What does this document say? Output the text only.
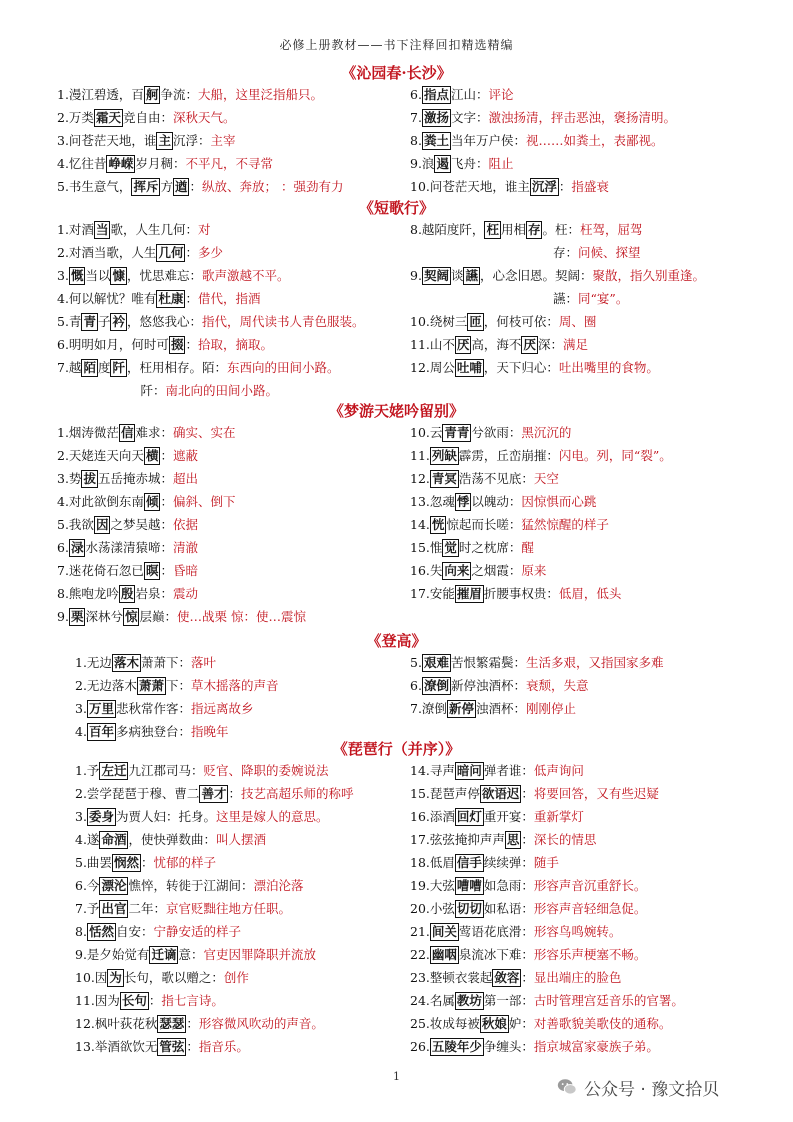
必修上册教材——书下注释回扣精选精编
《沁园春·长沙》
1.漫江碧透，百 舸 争流：大船，这里泛指船只。
2.万类 霜天 竞自由：深秋天气。
3.问苍茫天地，谁 主 沉浮：主宰
4.忆往昔 峥嵘 岁月稠：不平凡，不寻常
5.书生意气， 挥斥 方 遒 ：纵放、奔放； ：强劲有力
6. 指点 江山：评论
7. 激扬 文字：激浊扬清，抨击恶浊，褒扬清明。
8. 粪土 当年万户侯：视……如粪土，表鄙视。
9.浪 遏 飞舟：阻止
10.问苍茫天地，谁主 沉浮 ：指盛衰
《短歌行》
1.对酒 当 歌，人生几何：对
2.对酒当歌，人生 几何 ：多少
3. 慨 当以 慷 ，忧思难忘：歌声激越不平。
4.何以解忧？唯有 杜康 ：借代，指酒
5.青 青 子 衿 ，悠悠我心：指代，周代读书人青色服装。
6.明明如月，何时可 掇 ：拾取，摘取。
7.越 陌 度 阡 ，枉用相存。陌：东西向的田间小路。
阡：南北向的田间小路。
8.越陌度阡， 枉 用相 存 。枉：枉驾，屈驾
存：问候、探望
9. 契阔 谈 讌 ，心念旧恩。契阔：聚散，指久别重逢。
讌：同“宴”。
10.绕树三 匝 ，何枝可依：周、圈
11.山不 厌 高，海不 厌 深：满足
12.周公 吐哺 ，天下归心：吐出嘴里的食物。
《梦游天姥吟留别》
1.烟涛微茫 信 难求：确实、实在
2.天姥连天向天 横 ：遮蔽
3.势 拔 五岳掩赤城：超出
4.对此欲倒东南 倾 ：偏斜、倒下
5.我欲 因 之梦吴越：依据
6. 渌 水荡漾清猿啼：清澈
7.迷花倚石忽已 暝 ：昏暗
8.熊咆龙吟 殷 岩泉：震动
9. 栗 深林兮 惊 层巅：使…战栗 惊：使…震惊
10.云 青青 兮欲雨：黑沉沉的
11. 列缺 霹雳，丘峦崩摧：闪电。列，同“裂”。
12. 青冥 浩荡不见底：天空
13.忽魂 悸 以魄动：因惊惧而心跳
14. 恍 惊起而长嗟：猛然惊醒的样子
15.惟 觉 时之枕席：醒
16.失 向来 之烟霞：原来
17.安能 摧眉 折腰事权贵：低眉，低头
《登高》
1.无边 落木 萧萧下：落叶
2.无边落木 萧萧 下：草木摇落的声音
3. 万里 悲秋常作客：指远离故乡
4. 百年 多病独登台：指晚年
5. 艰难 苦恨繁霜鬓：生活多艰，又指国家多难
6. 潦倒 新停浊酒杯：衰颓，失意
7.潦倒 新停 浊酒杯：刚刚停止
《琵琶行（并序）》
1.予 左迁 九江郡司马：贬官、降职的委婉说法
2.尝学琵琶于穆、曹二 善才 ：技艺高超乐师的称呼
3. 委身 为贾人妇：托身。这里是嫁人的意思。
4.遂 命酒 ，使快弹数曲：叫人摆酒
5.曲罢 悯然 ：忧郁的样子
6.今 漂沦 憔悴，转徙于江湖间：漂泊沦落
7.予 出官 二年：京官贬黜往地方任职。
8. 恬然 自安：宁静安适的样子
9.是夕始觉有 迁谪 意：官吏因罪降职并流放
10.因 为 长句，歌以赠之：创作
11.因为 长句 ：指七言诗。
12.枫叶荻花秋 瑟瑟 ：形容微风吹动的声音。
13.举酒欲饮无 管弦 ：指音乐。
14.寻声 暗问 弹者谁：低声询问
15.琵琶声停 欲语迟 ：将要回答，又有些迟疑
16.添酒 回灯 重开宴：重新掌灯
17.弦弦掩抑声声 思 ：深长的情思
18.低眉 信手 续续弹：随手
19.大弦 嘈嘈 如急雨：形容声音沉重舒长。
20.小弦 切切 如私语：形容声音轻细急促。
21. 间关 莺语花底滑：形容鸟鸣婉转。
22. 幽咽 泉流冰下难：形容乐声梗塞不畅。
23.整顿衣裳起 敛容 ：显出端庄的脸色
24.名属 教坊 第一部：古时管理宫廷音乐的官署。
25.妆成每被 秋娘 妒：对善歌貌美歌伎的通称。
26. 五陵年少 争缠头：指京城富家豪族子弟。
1
公众号 · 豫文拾贝
